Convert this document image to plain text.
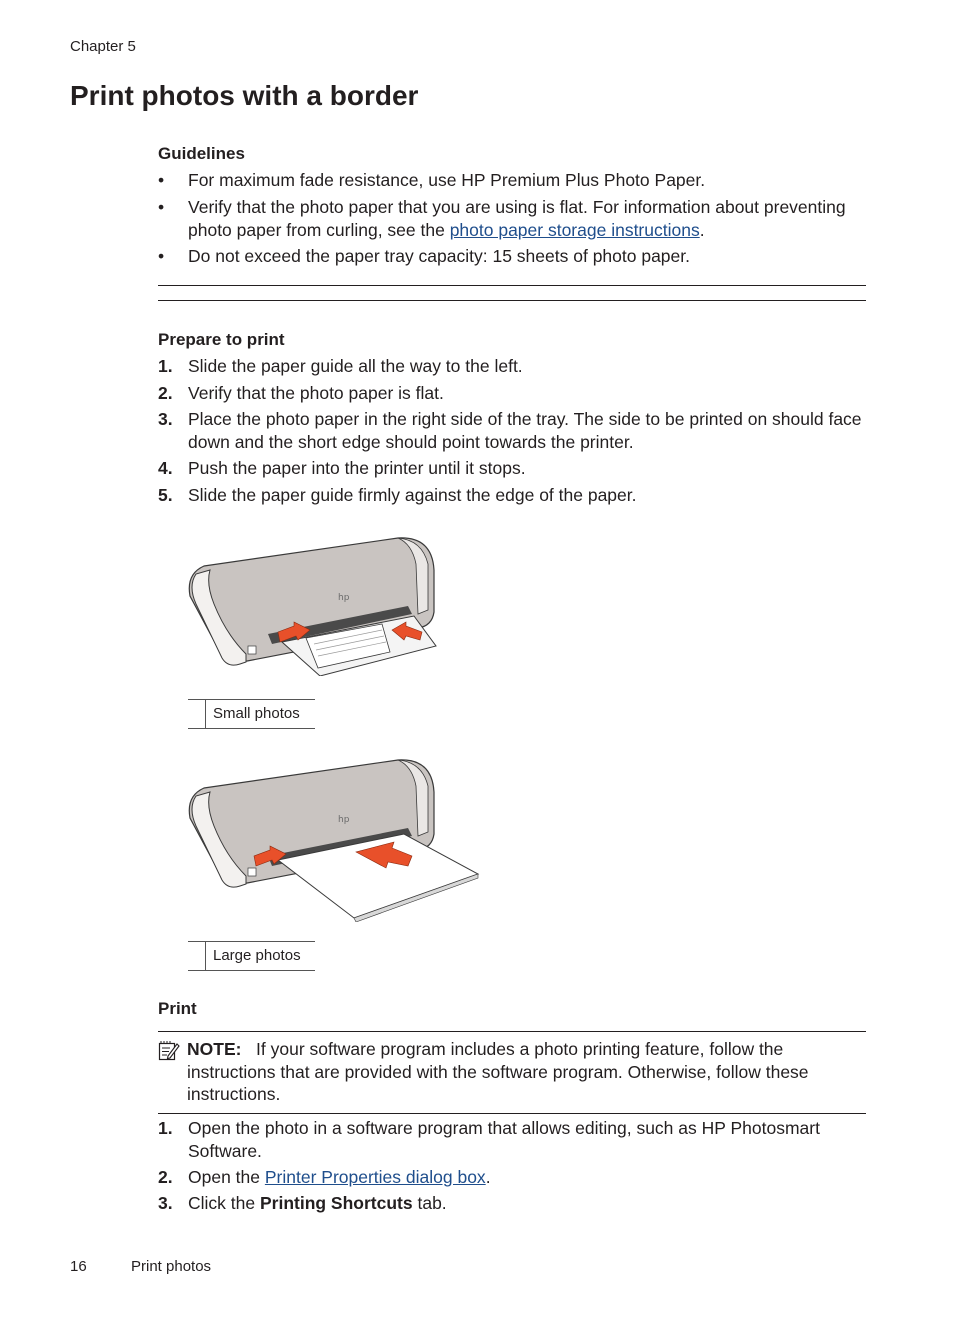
Chapter 5
Print photos with a border
Guidelines
• For maximum fade resistance, use HP Premium Plus Photo Paper.
• Verify that the photo paper that you are using is flat. For information about preventing photo paper from curling, see the photo paper storage instructions.
• Do not exceed the paper tray capacity: 15 sheets of photo paper.
Prepare to print
1. Slide the paper guide all the way to the left.
2. Verify that the photo paper is flat.
3. Place the photo paper in the right side of the tray. The side to be printed on should face down and the short edge should point towards the printer.
4. Push the paper into the printer until it stops.
5. Slide the paper guide firmly against the edge of the paper.
hp
Small photos
hp
Large photos
Print
NOTE: If your software program includes a photo printing feature, follow the instructions that are provided with the software program. Otherwise, follow these instructions.
1. Open the photo in a software program that allows editing, such as HP Photosmart Software.
2. Open the Printer Properties dialog box.
3. Click the Printing Shortcuts tab.
16	Print photos
